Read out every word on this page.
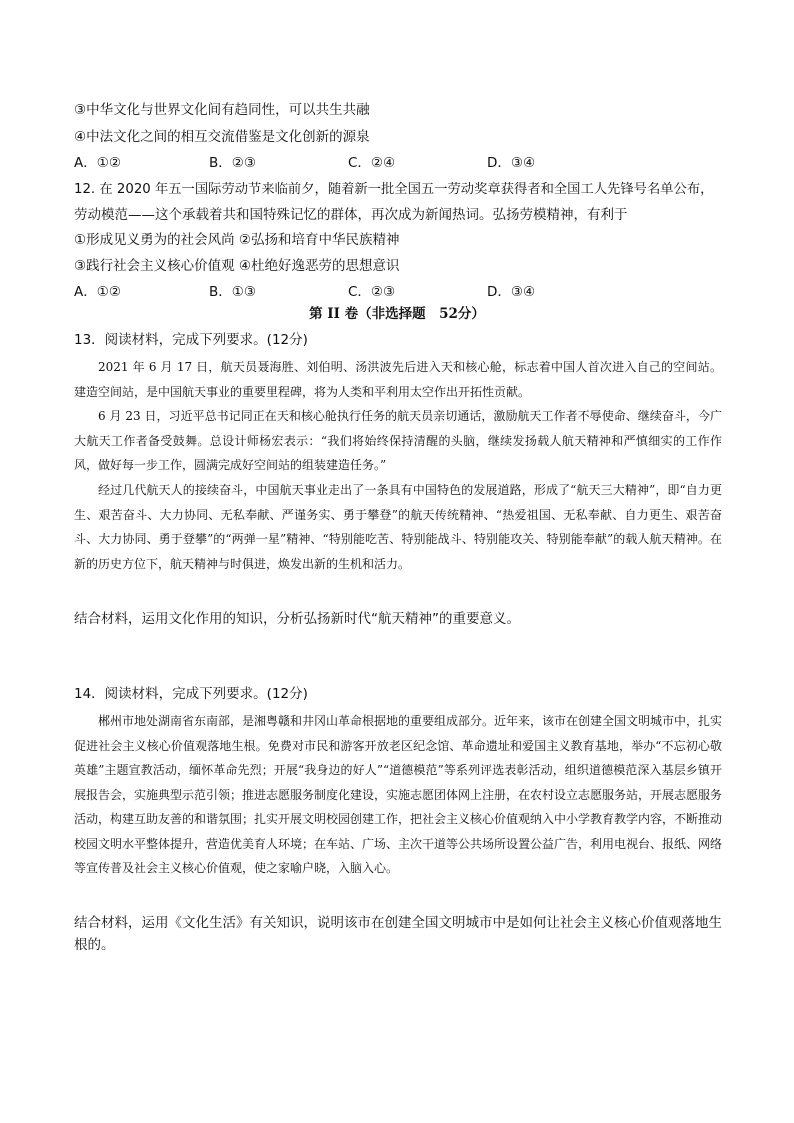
③中华文化与世界文化间有趋同性，可以共生共融
④中法文化之间的相互交流借鉴是文化创新的源泉
A．①②	B．②③	C．②④	D．③④
12. 在 2020 年五一国际劳动节来临前夕，随着新一批全国五一劳动奖章获得者和全国工人先锋号名单公布，
劳动模范——这个承载着共和国特殊记忆的群体，再次成为新闻热词。弘扬劳模精神，有利于
①形成见义勇为的社会风尚 ②弘扬和培育中华民族精神
③践行社会主义核心价值观 ④杜绝好逸恶劳的思想意识
A．①②	B．①③	C．②③	D．③④
第 II 卷（非选择题　52分）
13．阅读材料，完成下列要求。(12分)

2021 年 6 月 17 日，航天员聂海胜、刘伯明、汤洪波先后进入天和核心舱，标志着中国人首次进入自己的空间站。建造空间站，是中国航天事业的重要里程碑，将为人类和平利用太空作出开拓性贡献。

6 月 23 日，习近平总书记同正在天和核心舱执行任务的航天员亲切通话，激励航天工作者不辱使命、继续奋斗，今广大航天工作者备受鼓舞。总设计师杨宏表示：“我们将始终保持清醒的头脑，继续发扬载人航天精神和严慎细实的工作作风，做好每一步工作，圆满完成好空间站的组装建造任务。”

经过几代航天人的接续奋斗，中国航天事业走出了一条具有中国特色的发展道路，形成了“航天三大精神”，即“自力更生、艰苦奋斗、大力协同、无私奉献、严谨务实、勇于攀登”的航天传统精神、“热爱祖国、无私奉献、自力更生、艰苦奋斗、大力协同、勇于登攀”的“两弹一星”精神、“特别能吃苦、特别能战斗、特别能攻关、特别能奉献”的载人航天精神。在新的历史方位下，航天精神与时俱进，焕发出新的生机和活力。

结合材料，运用文化作用的知识，分析弘扬新时代“航天精神”的重要意义。
14．阅读材料，完成下列要求。(12分)

郴州市地处湖南省东南部，是湘粤赣和井冈山革命根据地的重要组成部分。近年来，该市在创建全国文明城市中，扎实促进社会主义核心价值观落地生根。免费对市民和游客开放老区纪念馆、革命遗址和爱国主义教育基地，举办“不忘初心敬英雄”主题宣教活动，缅怀革命先烈；开展“我身边的好人”“道德模范”等系列评选表彰活动，组织道德模范深入基层乡镇开展报告会，实施典型示范引领；推进志愿服务制度化建设，实施志愿团体网上注册，在农村设立志愿服务站，开展志愿服务活动，构建互助友善的和谐氛围；扎实开展文明校园创建工作，把社会主义核心价值观纳入中小学教育教学内容，不断推动校园文明水平整体提升，营造优美育人环境；在车站、广场、主次干道等公共场所设置公益广告，利用电视台、报纸、网络等宣传普及社会主义核心价值观，使之家喻户晓，入脑入心。

结合材料，运用《文化生活》有关知识，说明该市在创建全国文明城市中是如何让社会主义核心价值观落地生根的。
